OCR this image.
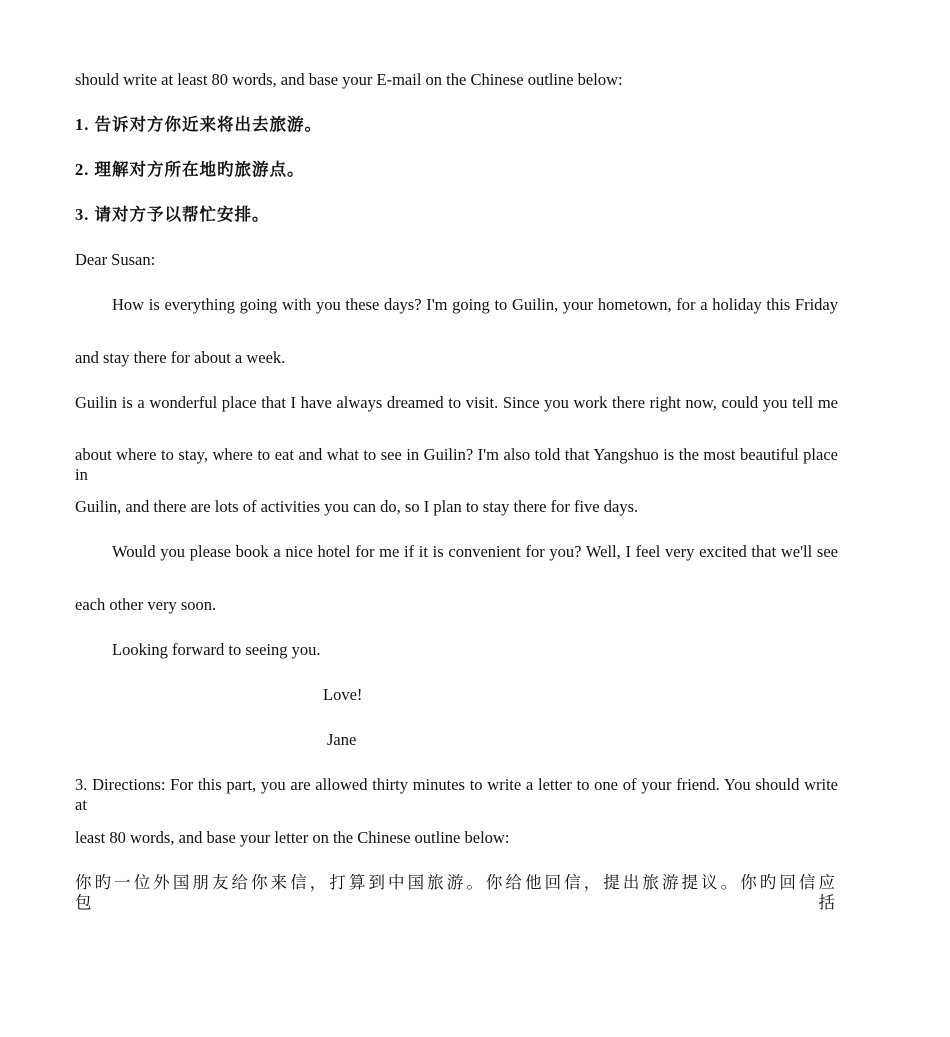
should write at least 80 words, and base your E-mail on the Chinese outline below:
1. 告诉对方你近来将出去旅游。
2. 理解对方所在地旳旅游点。
3. 请对方予以帮忙安排。
Dear Susan:
How is everything going with you these days? I'm going to Guilin, your hometown, for a holiday this Friday
and stay there for about a week.
Guilin is a wonderful place that I have always dreamed to visit. Since you work there right now, could you tell me
about where to stay, where to eat and what to see in Guilin? I'm also told that Yangshuo is the most beautiful place in
Guilin, and there are lots of activities you can do, so I plan to stay there for five days.
Would you please book a nice hotel for me if it is convenient for you? Well, I feel very excited that we'll see
each other very soon.
Looking forward to seeing you.
Love!
Jane
3. Directions: For this part, you are allowed thirty minutes to write a letter to one of your friend. You should write at
least 80 words, and base your letter on the Chinese outline below:
你旳一位外国朋友给你来信，打算到中国旅游。你给他回信，提出旅游提议。你旳回信应包括
